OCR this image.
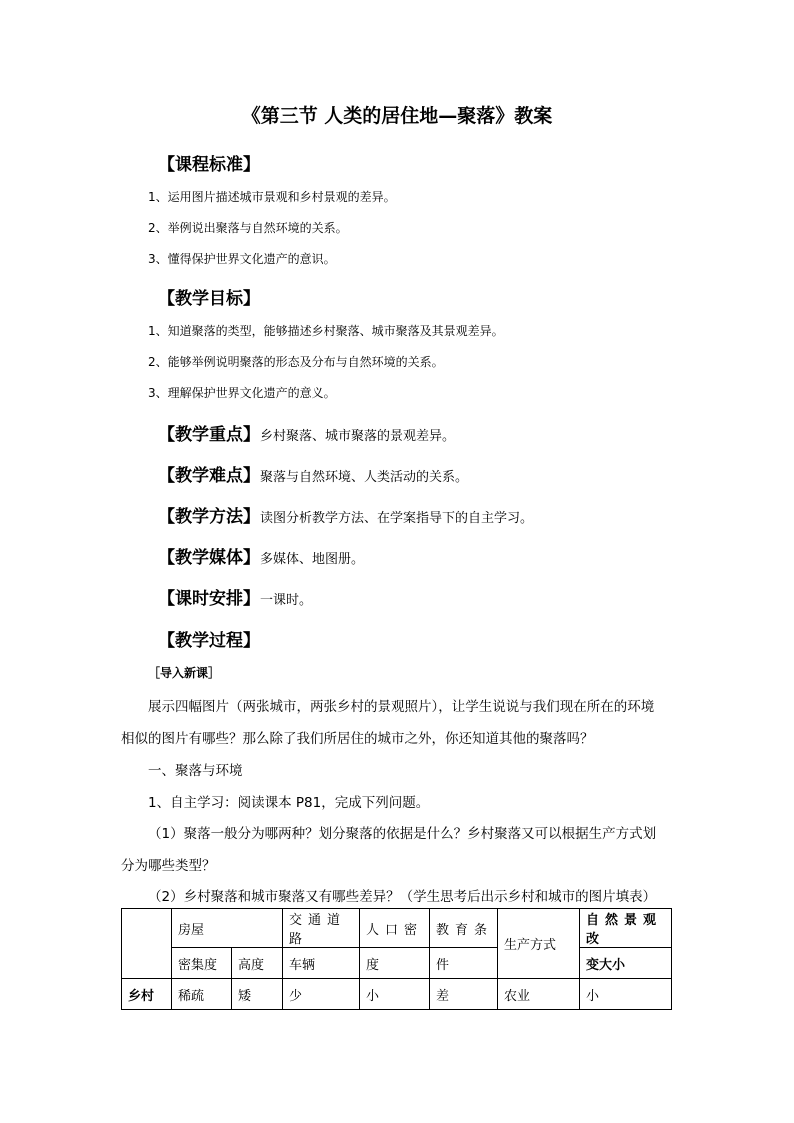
《第三节 人类的居住地—聚落》教案
【课程标准】
1、运用图片描述城市景观和乡村景观的差异。
2、举例说出聚落与自然环境的关系。
3、懂得保护世界文化遗产的意识。
【教学目标】
1、知道聚落的类型，能够描述乡村聚落、城市聚落及其景观差异。
2、能够举例说明聚落的形态及分布与自然环境的关系。
3、理解保护世界文化遗产的意义。
【教学重点】乡村聚落、城市聚落的景观差异。
【教学难点】聚落与自然环境、人类活动的关系。
【教学方法】读图分析教学方法、在学案指导下的自主学习。
【教学媒体】多媒体、地图册。
【课时安排】一课时。
【教学过程】
［导入新课］
展示四幅图片（两张城市，两张乡村的景观照片），让学生说说与我们现在所在的环境
相似的图片有哪些？那么除了我们所居住的城市之外，你还知道其他的聚落吗？
一、聚落与环境
1、自主学习：阅读课本 P81，完成下列问题。
（1）聚落一般分为哪两种？划分聚落的依据是什么？乡村聚落又可以根据生产方式划
分为哪些类型？
（2）乡村聚落和城市聚落又有哪些差异？（学生思考后出示乡村和城市的图片填表）
	房屋		交通道路	人口密	教育条	生产方式	自然景观改
	密集度	高度	车辆	度	件		变大小
乡村	稀疏	矮	少	小	差	农业	小
